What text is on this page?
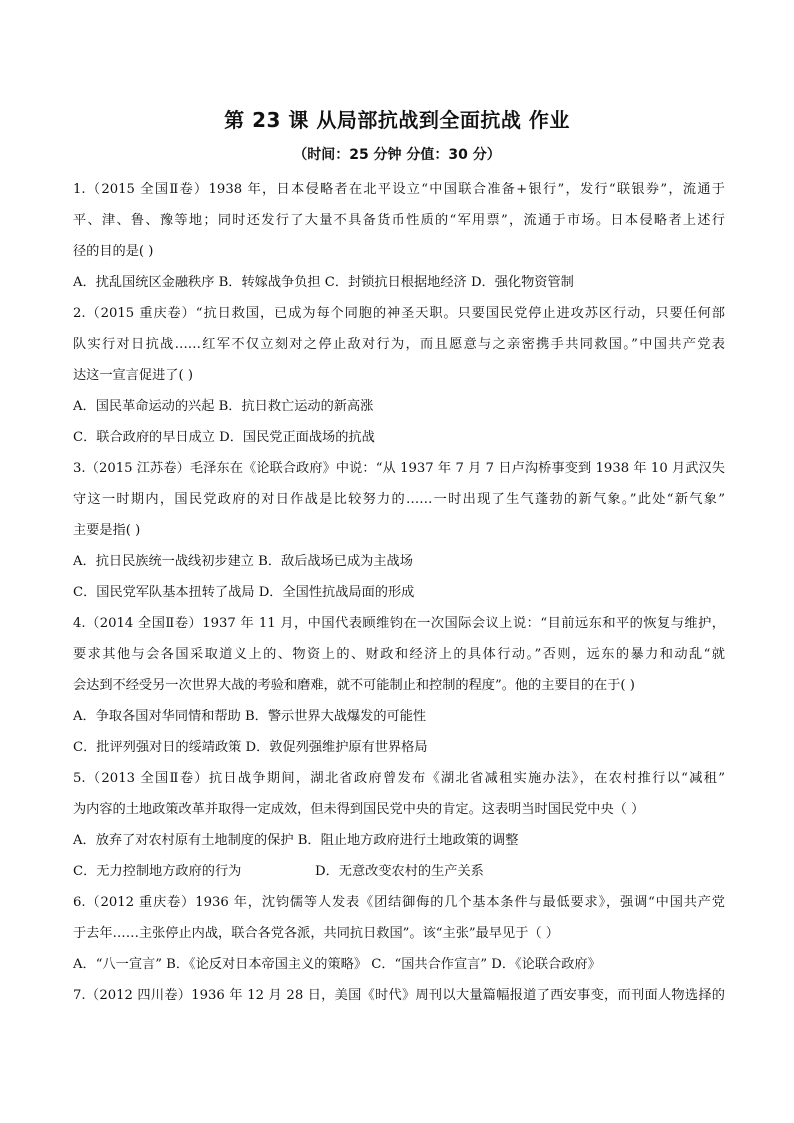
第 23 课 从局部抗战到全面抗战 作业
（时间：25 分钟 分值：30 分）
1.（2015 全国Ⅱ卷）1938 年，日本侵略者在北平设立“中国联合准备+银行”，发行“联银券”，流通于
平、津、鲁、豫等地；同时还发行了大量不具备货币性质的“军用票”，流通于市场。日本侵略者上述行
径的目的是( )
A．扰乱国统区金融秩序 B．转嫁战争负担 C．封锁抗日根据地经济 D．强化物资管制
2.（2015 重庆卷）“抗日救国，已成为每个同胞的神圣天职。只要国民党停止进攻苏区行动，只要任何部
队实行对日抗战……红军不仅立刻对之停止敌对行为，而且愿意与之亲密携手共同救国。”中国共产党表
达这一宣言促进了( )
A．国民革命运动的兴起 B．抗日救亡运动的新高涨
C．联合政府的早日成立 D．国民党正面战场的抗战
3.（2015 江苏卷）毛泽东在《论联合政府》中说：“从 1937 年 7 月 7 日卢沟桥事变到 1938 年 10 月武汉失
守这一时期内，国民党政府的对日作战是比较努力的……一时出现了生气蓬勃的新气象。”此处“新气象”
主要是指( )
A．抗日民族统一战线初步建立 B．敌后战场已成为主战场
C．国民党军队基本扭转了战局 D．全国性抗战局面的形成
4.（2014 全国Ⅱ卷）1937 年 11 月，中国代表顾维钧在一次国际会议上说：“目前远东和平的恢复与维护，
要求其他与会各国采取道义上的、物资上的、财政和经济上的具体行动。”否则，远东的暴力和动乱“就
会达到不经受另一次世界大战的考验和磨难，就不可能制止和控制的程度”。他的主要目的在于( )
A．争取各国对华同情和帮助 B．警示世界大战爆发的可能性
C．批评列强对日的绥靖政策 D．敦促列强维护原有世界格局
5.（2013 全国Ⅱ卷）抗日战争期间，湖北省政府曾发布《湖北省减租实施办法》，在农村推行以“减租”
为内容的土地政策改革并取得一定成效，但未得到国民党中央的肯定。这表明当时国民党中央（ ）
A．放弃了对农村原有土地制度的保护 B．阻止地方政府进行土地政策的调整
C．无力控制地方政府的行为	D．无意改变农村的生产关系
6.（2012 重庆卷）1936 年，沈钧儒等人发表《团结御侮的几个基本条件与最低要求》，强调“中国共产党
于去年……主张停止内战，联合各党各派，共同抗日救国”。该“主张”最早见于（ ）
A．“八一宣言” B．《论反对日本帝国主义的策略》 C．“国共合作宣言” D．《论联合政府》
7.（2012 四川卷）1936 年 12 月 28 日，美国《时代》周刊以大量篇幅报道了西安事变，而刊面人物选择的
